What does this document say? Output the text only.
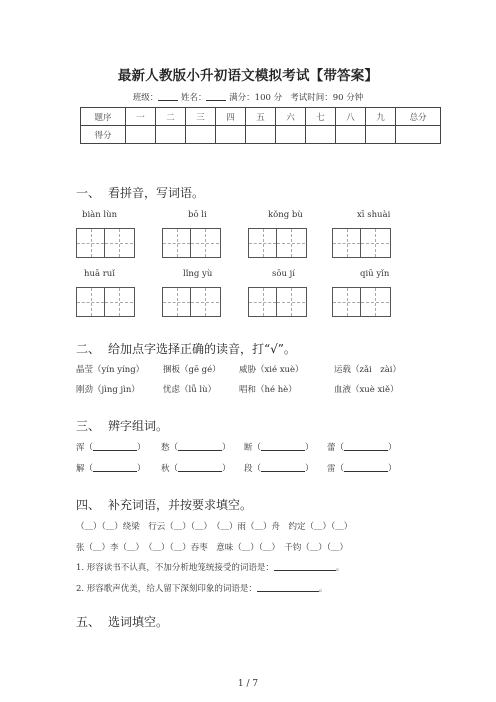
最新人教版小升初语文模拟考试【带答案】
班级：	姓名：	满分：100 分 考试时间：90 分钟
题序	一	二	三	四	五	六	七	八	九	总分
得分										
一、 看拼音，写词语。
biàn lùn	bō li	kǒng bù	xī shuài
huā ruǐ	lǐng yù	sōu jí	qiū yǐn
二、 给加点字选择正确的读音，打“√”。
晶莹（yín yíng） 捆板（gē gé） 威胁（xié xuè）	运载（zǎi　zài）
刚劲（jìng jìn）	忧虑（lǚ lù）	唱和（hé hè）	血液（xuè xiě）
三、 辨字组词。
浑（	） 愁（	） 断（	） 蕾（	）
解（	） 秋（	） 段（	） 雷（	）
四、 补充词语，并按要求填空。
（＿）（＿）绕梁　行云（＿）（＿）　（＿）雨（＿）舟　约定（＿）（＿）
张（＿）李（＿）　（＿）（＿）吞枣　意味（＿）（＿）　千钧（＿）（＿）
1. 形容读书不认真，不加分析地笼统接受的词语是：	。
2. 形容歌声优美，给人留下深刻印象的词语是：	。
五、 选词填空。
1 / 7
